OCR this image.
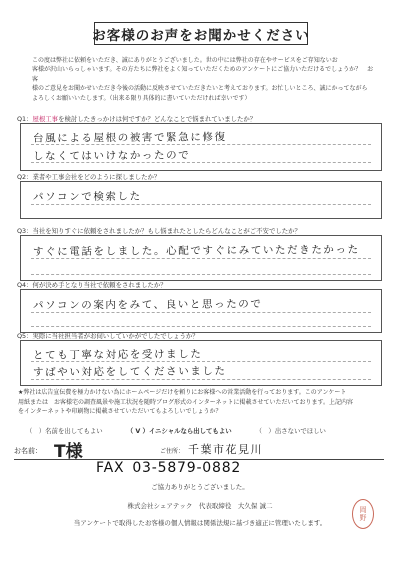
お客様のお声をお聞かせください

この度は弊社に依頼をいただき、誠にありがとうございました。世の中には弊社の存在やサービスをご存知ないお

客様が沢山いらっしゃいます。その方たちに弊社をよく知っていただくためのアンケートにご協力いただけるでしょうか？　お客

様のご意見をお聞かせいただき今後の活動に反映させていただきたいと考えております。お忙しいところ、誠にかってながら

よろしくお願いいたします。（出来る限り具体的に書いていただければ幸いです）

Q1：屋根工事を検討したきっかけは何ですか？どんなことで悩まれていましたか？
台風による屋根の被害で緊急に修復
しなくてはいけなかったので
Q2：業者や工事会社をどのように探しましたか？
パソコンで検索した
Q3：当社を知りすぐに依頼をされましたか？もし悩まれたとしたらどんなことがご不安でしたか？
すぐに電話をしました。心配ですぐにみていただきたかった
Q4：何が決め手となり当社で依頼をされましたか？
パソコンの案内をみて、良いと思ったので
Q5：実際に当社担当者がお伺いしていかがでしたでしょうか？
とても丁寧な対応を受けました
すばやい対応をしてくださいました

★弊社は広告宣伝費を極力かけない為にホームページだけを頼りにお客様への営業活動を行っております。このアンケート

用紙または　お客様宅の調査風景や施工状況を随時ブログ形式のインターネットに掲載させていただいております。上記内容

をインターネットや印刷物に掲載させていただいてもよろしいでしょうか？

（　）名前を出してもよい	（ V ）イニシャルなら出してもよい	（　）出さないでほしい
お名前： T様	ご住所： 千葉市花見川
FAX 03-5879-0882
ご協力ありがとうございました。
株式会社シェアテック　代表取締役　大久保 誠二
当アンケートで取得したお客様の個人情報は関係法規に基づき適正に管理いたします。
岡
野
